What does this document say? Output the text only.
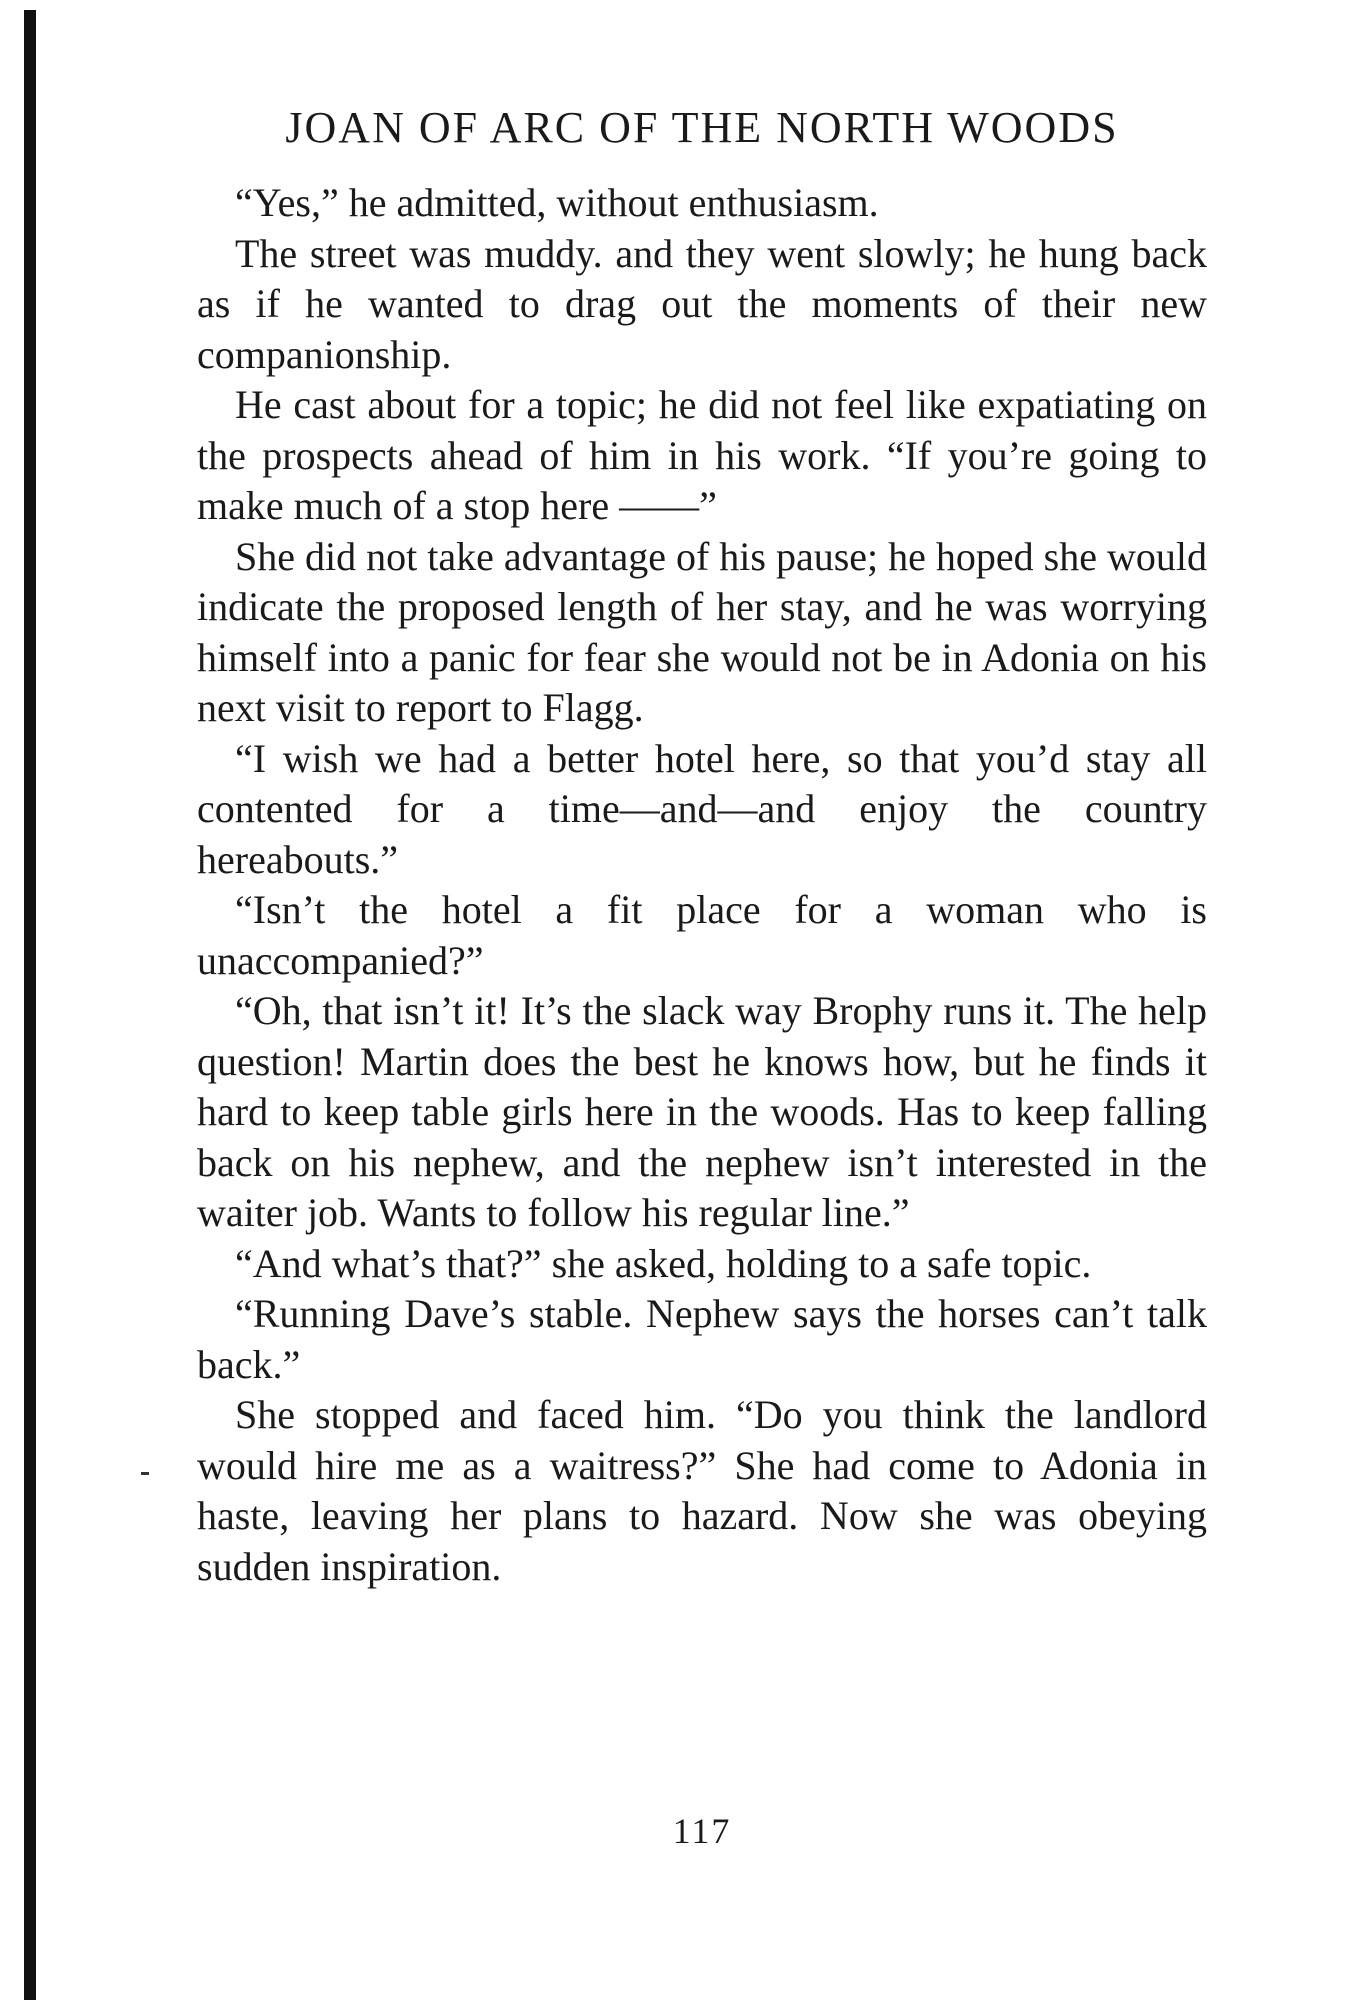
JOAN OF ARC OF THE NORTH WOODS

“Yes,” he admitted, without enthusiasm.

The street was muddy. and they went slowly; he hung back as if he wanted to drag out the moments of their new companionship.

He cast about for a topic; he did not feel like expatiating on the prospects ahead of him in his work. “If you’re going to make much of a stop here ——”

She did not take advantage of his pause; he hoped she would indicate the proposed length of her stay, and he was worrying himself into a panic for fear she would not be in Adonia on his next visit to report to Flagg.

“I wish we had a better hotel here, so that you’d stay all contented for a time—and—and enjoy the country hereabouts.”

“Isn’t the hotel a fit place for a woman who is unaccompanied?”

“Oh, that isn’t it! It’s the slack way Brophy runs it. The help question! Martin does the best he knows how, but he finds it hard to keep table girls here in the woods. Has to keep falling back on his nephew, and the nephew isn’t interested in the waiter job. Wants to follow his regular line.”

“And what’s that?” she asked, holding to a safe topic.

“Running Dave’s stable. Nephew says the horses can’t talk back.”

She stopped and faced him. “Do you think the landlord would hire me as a waitress?” She had come to Adonia in haste, leaving her plans to hazard. Now she was obeying sudden inspiration.

117
